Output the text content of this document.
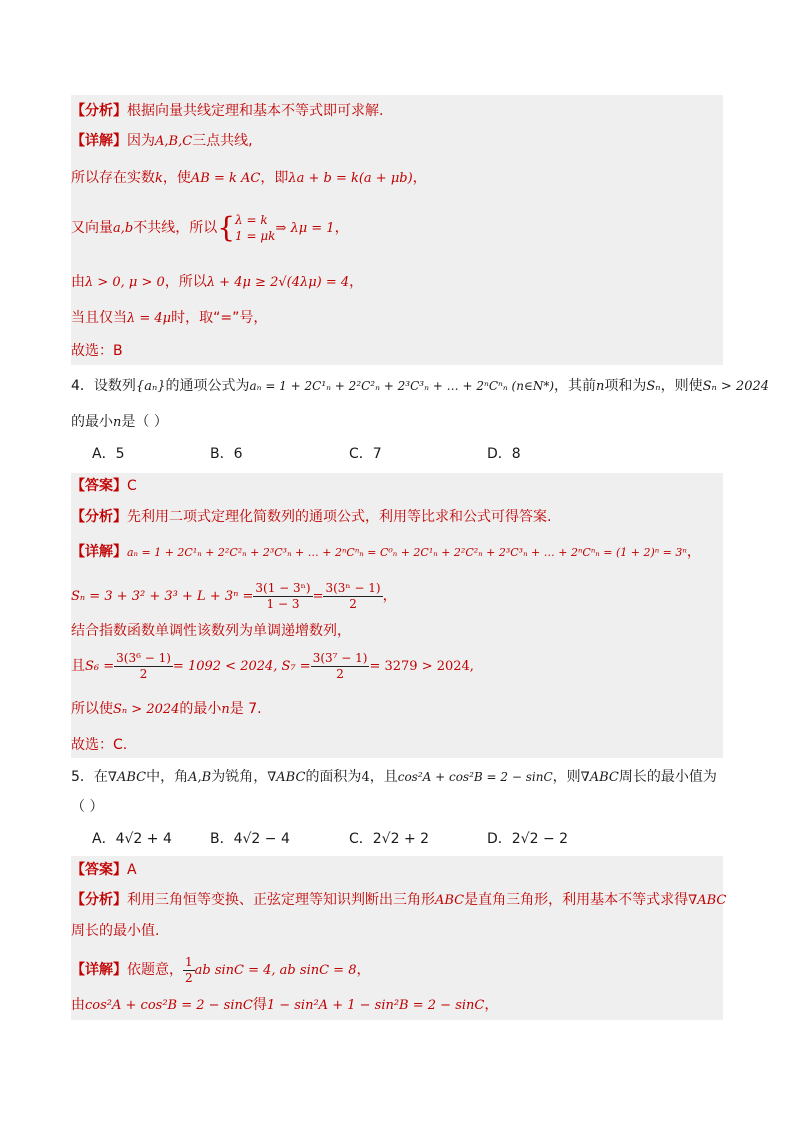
【分析】根据向量共线定理和基本不等式即可求解.
【详解】因为A,B,C三点共线,
所以存在实数k，使AB = k AC，即λa + b = k(a + μb)，
又向量a,b不共线，所以{ λ = k
1 = μk ⇒ λμ = 1，
由λ > 0, μ > 0，所以λ + 4μ ≥ 2√(4λμ) = 4，
当且仅当λ = 4μ时，取“=”号，
故选：B
4．设数列{aₙ}的通项公式为aₙ = 1 + 2C¹ₙ + 2²C²ₙ + 2³C³ₙ + … + 2ⁿCⁿₙ (n∈N*)，其前n项和为Sₙ，则使Sₙ > 2024
的最小n是（ ）
A．5	B．6	C．7	D．8
【答案】C
【分析】先利用二项式定理化简数列的通项公式，利用等比求和公式可得答案.
【详解】aₙ = 1 + 2C¹ₙ + 2²C²ₙ + 2³C³ₙ + … + 2ⁿCⁿₙ = C⁰ₙ + 2C¹ₙ + 2²C²ₙ + 2³C³ₙ + … + 2ⁿCⁿₙ = (1 + 2)ⁿ = 3ⁿ，
$S_n = 3 + 3^2 + 3^3 + L + 3^n = \frac{\text{3(1 − 3ⁿ)}}{1 - 3} = \frac{\text{3(3ⁿ − 1)}}{2}$ ，
结合指数函数单调性该数列为单调递增数列，
且$S_6 = \frac{\text{3(3⁶ − 1)}}{2} = 1092 < 2024$, $S_7 = \frac{\text{3(3⁷ − 1)}}{2} = 3279 > 2024$,
所以使Sₙ > 2024的最小n是 7.
故选：C.
5．在∇ABC中，角A,B为锐角，∇ABC的面积为4，且cos²A + cos²B = 2 − sinC，则∇ABC周长的最小值为
（ ）
A．4√2 + 4	B．4√2 − 4	C．2√2 + 2	D．2√2 − 2
【答案】A
【分析】利用三角恒等变换、正弦定理等知识判断出三角形ABC是直角三角形，利用基本不等式求得∇ABC
周长的最小值.
【详解】依题意， $\frac{1}{2}$ ab sinC = 4, ab sinC = 8，
由cos²A + cos²B = 2 − sinC得1 − sin²A + 1 − sin²B = 2 − sinC，
